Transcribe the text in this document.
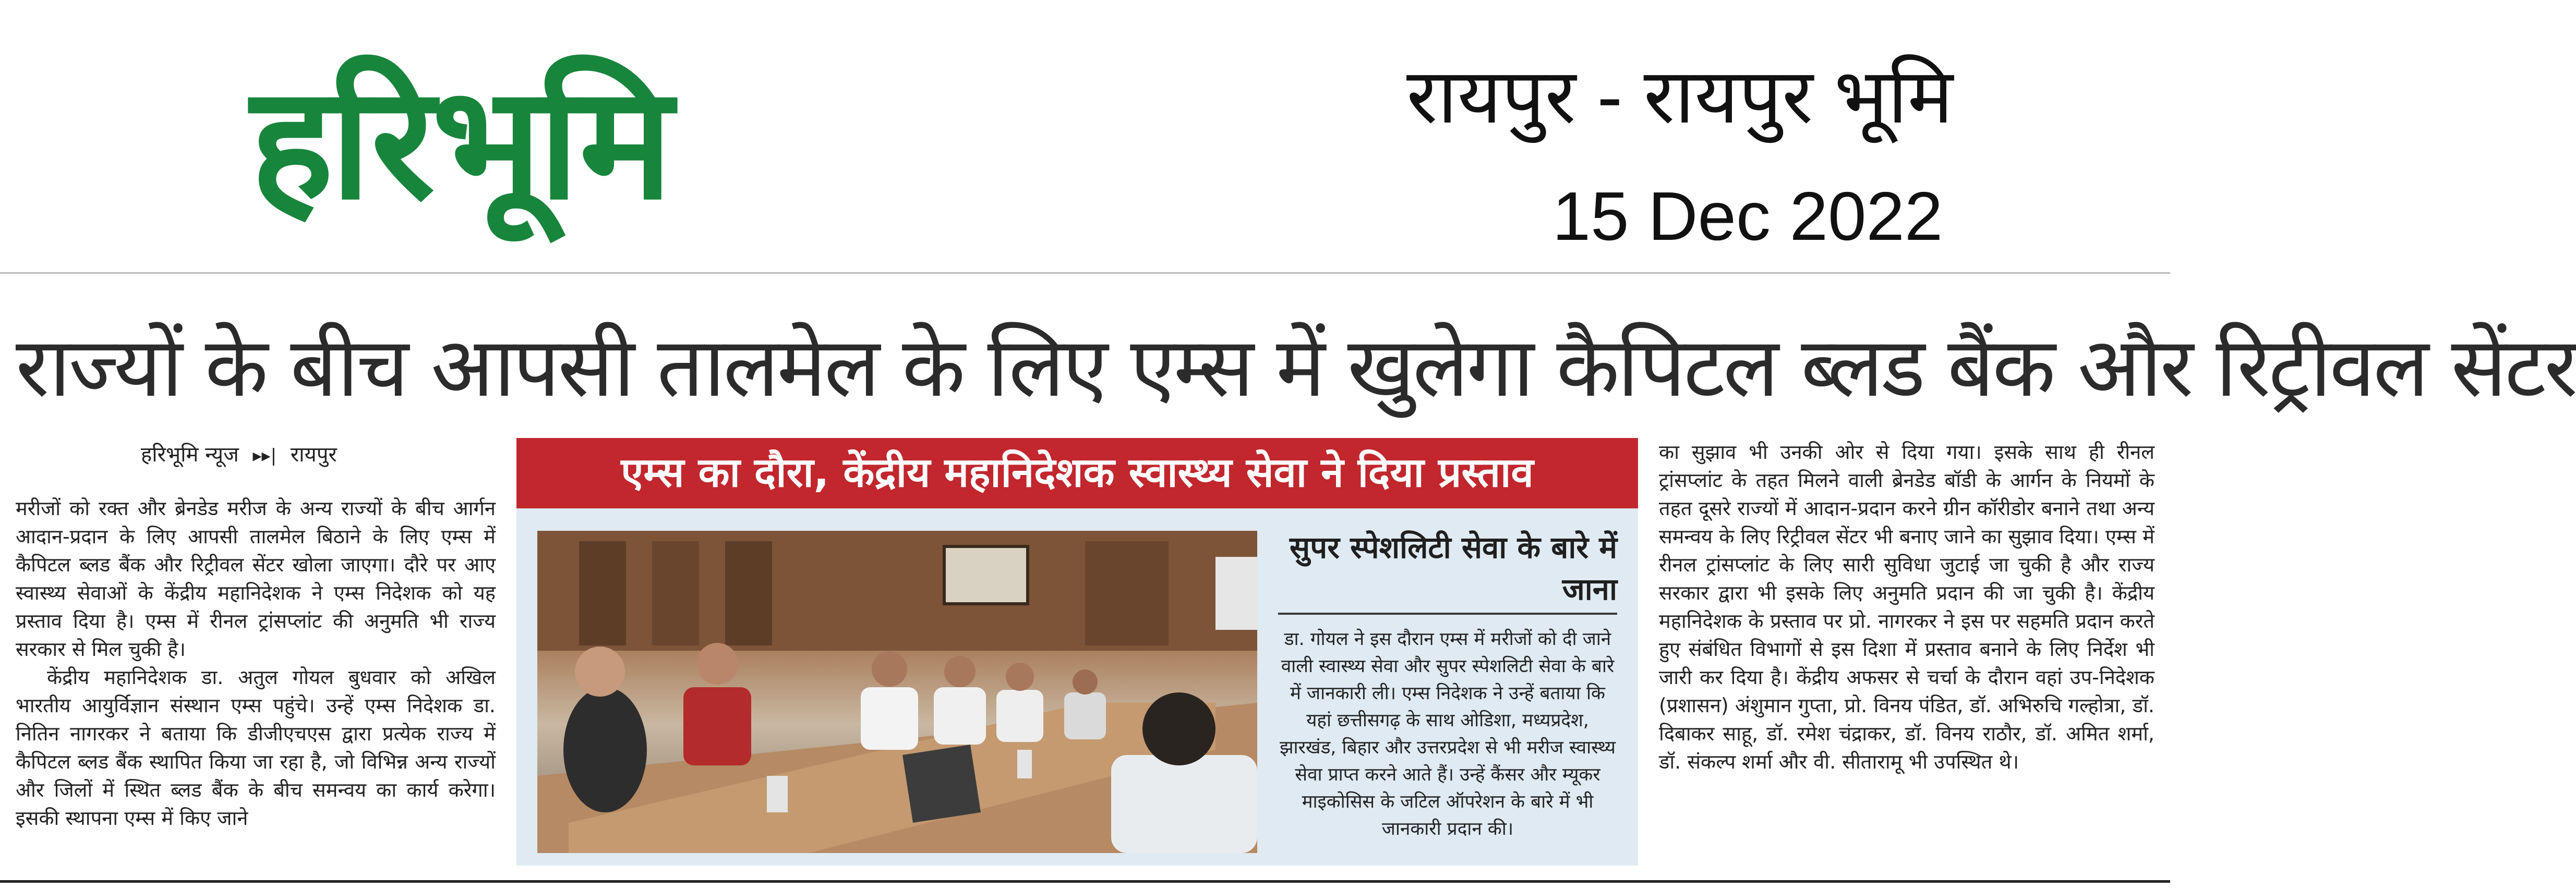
हरिभूमि	रायपुर - रायपुर भूमि
15 Dec 2022
राज्यों के बीच आपसी तालमेल के लिए एम्स में खुलेगा कैपिटल ब्लड बैंक और रिट्रीवल सेंटर
हरिभूमि न्यूज ▸▸| रायपुर

मरीजों को रक्त और ब्रेनडेड मरीज के अन्य राज्यों के बीच आर्गन आदान-प्रदान के लिए आपसी तालमेल बिठाने के लिए एम्स में कैपिटल ब्लड बैंक और रिट्रीवल सेंटर खोला जाएगा। दौरे पर आए स्वास्थ्य सेवाओं के केंद्रीय महानिदेशक ने एम्स निदेशक को यह प्रस्ताव दिया है। एम्स में रीनल ट्रांसप्लांट की अनुमति भी राज्य सरकार से मिल चुकी है।

केंद्रीय महानिदेशक डा. अतुल गोयल बुधवार को अखिल भारतीय आयुर्विज्ञान संस्थान एम्स पहुंचे। उन्हें एम्स निदेशक डा. नितिन नागरकर ने बताया कि डीजीएचएस द्वारा प्रत्येक राज्य में कैपिटल ब्लड बैंक स्थापित किया जा रहा है, जो विभिन्न अन्य राज्यों और जिलों में स्थित ब्लड बैंक के बीच समन्वय का कार्य करेगा। इसकी स्थापना एम्स में किए जाने

एम्स का दौरा, केंद्रीय महानिदेशक स्वास्थ्य सेवा ने दिया प्रस्ताव
सुपर स्पेशलिटी सेवा के बारे में जाना
डा. गोयल ने इस दौरान एम्स में मरीजों को दी जाने वाली स्वास्थ्य सेवा और सुपर स्पेशलिटी सेवा के बारे में जानकारी ली। एम्स निदेशक ने उन्हें बताया कि यहां छत्तीसगढ़ के साथ ओडिशा, मध्यप्रदेश, झारखंड, बिहार और उत्तरप्रदेश से भी मरीज स्वास्थ्य सेवा प्राप्त करने आते हैं। उन्हें कैंसर और म्यूकर माइकोसिस के जटिल ऑपरेशन के बारे में भी जानकारी प्रदान की।

का सुझाव भी उनकी ओर से दिया गया। इसके साथ ही रीनल ट्रांसप्लांट के तहत मिलने वाली ब्रेनडेड बॉडी के आर्गन के नियमों के तहत दूसरे राज्यों में आदान-प्रदान करने ग्रीन कॉरीडोर बनाने तथा अन्य समन्वय के लिए रिट्रीवल सेंटर भी बनाए जाने का सुझाव दिया। एम्स में रीनल ट्रांसप्लांट के लिए सारी सुविधा जुटाई जा चुकी है और राज्य सरकार द्वारा भी इसके लिए अनुमति प्रदान की जा चुकी है। केंद्रीय महानिदेशक के प्रस्ताव पर प्रो. नागरकर ने इस पर सहमति प्रदान करते हुए संबंधित विभागों से इस दिशा में प्रस्ताव बनाने के लिए निर्देश भी जारी कर दिया है। केंद्रीय अफसर से चर्चा के दौरान वहां उप-निदेशक (प्रशासन) अंशुमान गुप्ता, प्रो. विनय पंडित, डॉ. अभिरुचि गल्होत्रा, डॉ. दिबाकर साहू, डॉ. रमेश चंद्राकर, डॉ. विनय राठौर, डॉ. अमित शर्मा, डॉ. संकल्प शर्मा और वी. सीतारामू भी उपस्थित थे।
